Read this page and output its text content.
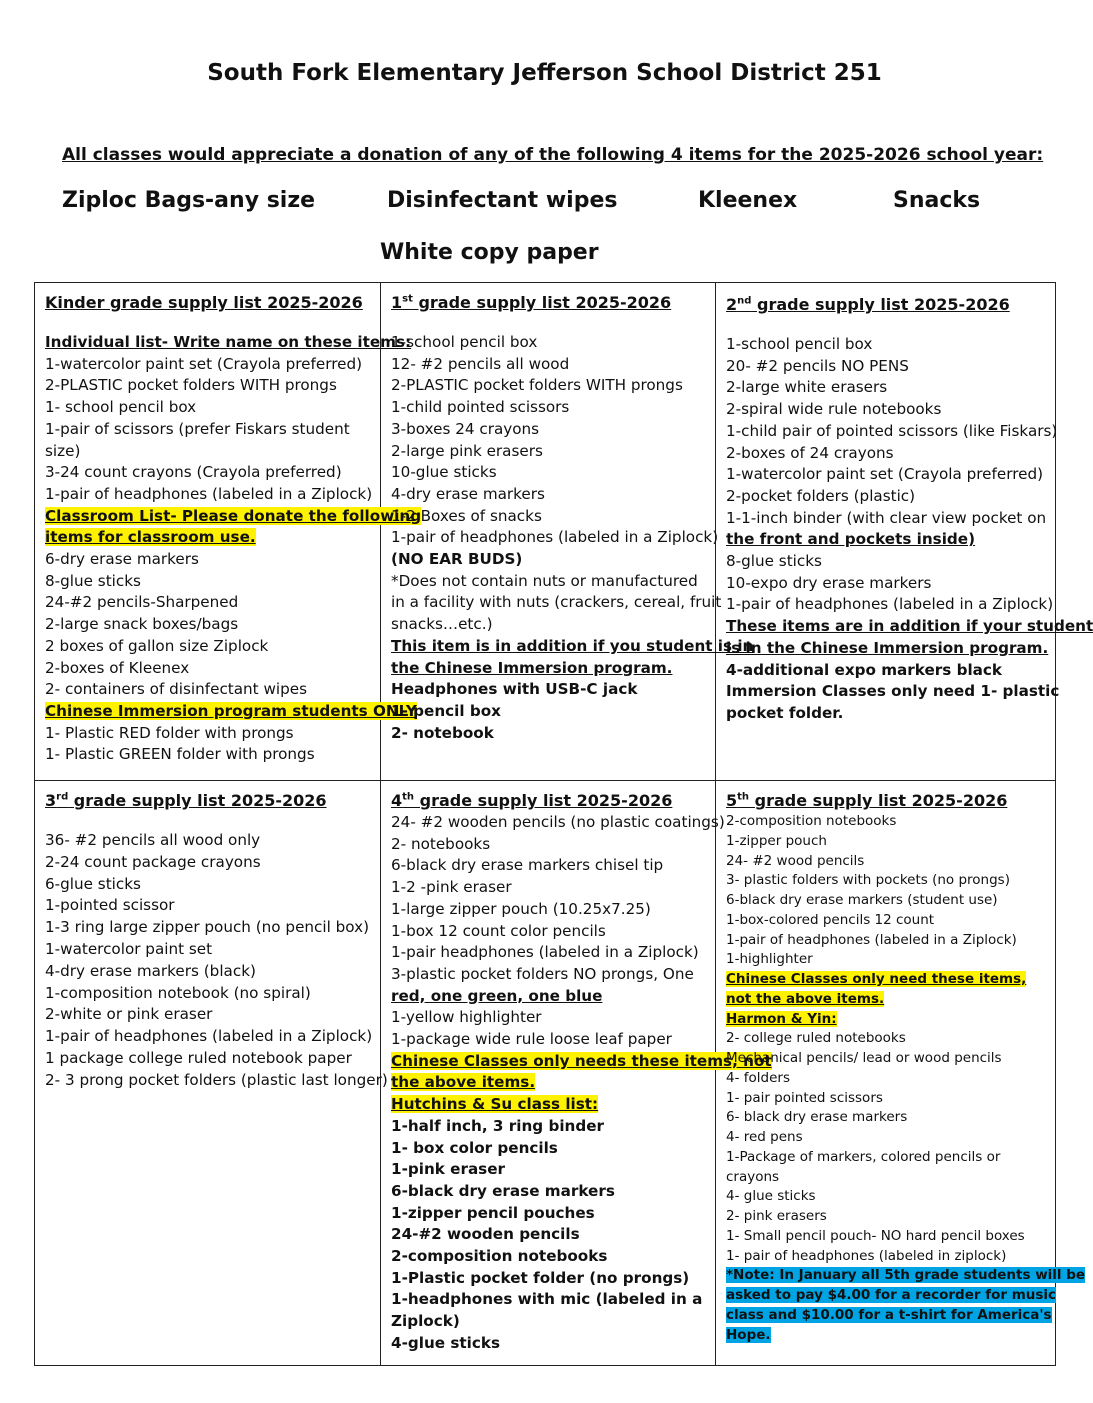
South Fork Elementary Jefferson School District 251
All classes would appreciate a donation of any of the following 4 items for the 2025-2026 school year:
Ziploc Bags-any size	Disinfectant wipes	Kleenex	Snacks
White copy paper
Kinder grade supply list 2025-2026
Individual list- Write name on these items:
1-watercolor paint set (Crayola preferred)
2-PLASTIC pocket folders WITH prongs
1- school pencil box
1-pair of scissors (prefer Fiskars student
size)
3-24 count crayons (Crayola preferred)
1-pair of headphones (labeled in a Ziplock)
Classroom List- Please donate the following
items for classroom use.
6-dry erase markers
8-glue sticks
24-#2 pencils-Sharpened
2-large snack boxes/bags
2 boxes of gallon size Ziplock
2-boxes of Kleenex
2- containers of disinfectant wipes
Chinese Immersion program students ONLY
1- Plastic RED folder with prongs
1- Plastic GREEN folder with prongs
1st grade supply list 2025-2026
1-school pencil box
12- #2 pencils all wood
2-PLASTIC pocket folders WITH prongs
1-child pointed scissors
3-boxes 24 crayons
2-large pink erasers
10-glue sticks
4-dry erase markers
1-2 Boxes of snacks
1-pair of headphones (labeled in a Ziplock)
(NO EAR BUDS)
*Does not contain nuts or manufactured
in a facility with nuts (crackers, cereal, fruit
snacks…etc.)
This item is in addition if you student is in
the Chinese Immersion program.
Headphones with USB-C jack
1- pencil box
2- notebook
2nd grade supply list 2025-2026
1-school pencil box
20- #2 pencils NO PENS
2-large white erasers
2-spiral wide rule notebooks
1-child pair of pointed scissors (like Fiskars)
2-boxes of 24 crayons
1-watercolor paint set (Crayola preferred)
2-pocket folders (plastic)
1-1-inch binder (with clear view pocket on
the front and pockets inside)
8-glue sticks
10-expo dry erase markers
1-pair of headphones (labeled in a Ziplock)
These items are in addition if your student
is in the Chinese Immersion program.
4-additional expo markers black
Immersion Classes only need 1- plastic
pocket folder.
3rd grade supply list 2025-2026
36- #2 pencils all wood only
2-24 count package crayons
6-glue sticks
1-pointed scissor
1-3 ring large zipper pouch (no pencil box)
1-watercolor paint set
4-dry erase markers (black)
1-composition notebook (no spiral)
2-white or pink eraser
1-pair of headphones (labeled in a Ziplock)
1 package college ruled notebook paper
2- 3 prong pocket folders (plastic last longer)
4th grade supply list 2025-2026
24- #2 wooden pencils (no plastic coatings)
2- notebooks
6-black dry erase markers chisel tip
1-2 -pink eraser
1-large zipper pouch (10.25x7.25)
1-box 12 count color pencils
1-pair headphones (labeled in a Ziplock)
3-plastic pocket folders NO prongs, One
red, one green, one blue
1-yellow highlighter
1-package wide rule loose leaf paper
Chinese Classes only needs these items, not
the above items.
Hutchins & Su class list:
1-half inch, 3 ring binder
1- box color pencils
1-pink eraser
6-black dry erase markers
1-zipper pencil pouches
24-#2 wooden pencils
2-composition notebooks
1-Plastic pocket folder (no prongs)
1-headphones with mic (labeled in a
Ziplock)
4-glue sticks
5th grade supply list 2025-2026
2-composition notebooks
1-zipper pouch
24- #2 wood pencils
3- plastic folders with pockets (no prongs)
6-black dry erase markers (student use)
1-box-colored pencils 12 count
1-pair of headphones (labeled in a Ziplock)
1-highlighter
Chinese Classes only need these items,
not the above items.
Harmon & Yin:
2- college ruled notebooks
Mechanical pencils/ lead or wood pencils
4- folders
1- pair pointed scissors
6- black dry erase markers
4- red pens
1-Package of markers, colored pencils or
crayons
4- glue sticks
2- pink erasers
1- Small pencil pouch- NO hard pencil boxes
1- pair of headphones (labeled in ziplock)
*Note: In January all 5th grade students will be
asked to pay $4.00 for a recorder for music
class and $10.00 for a t-shirt for America's
Hope.
